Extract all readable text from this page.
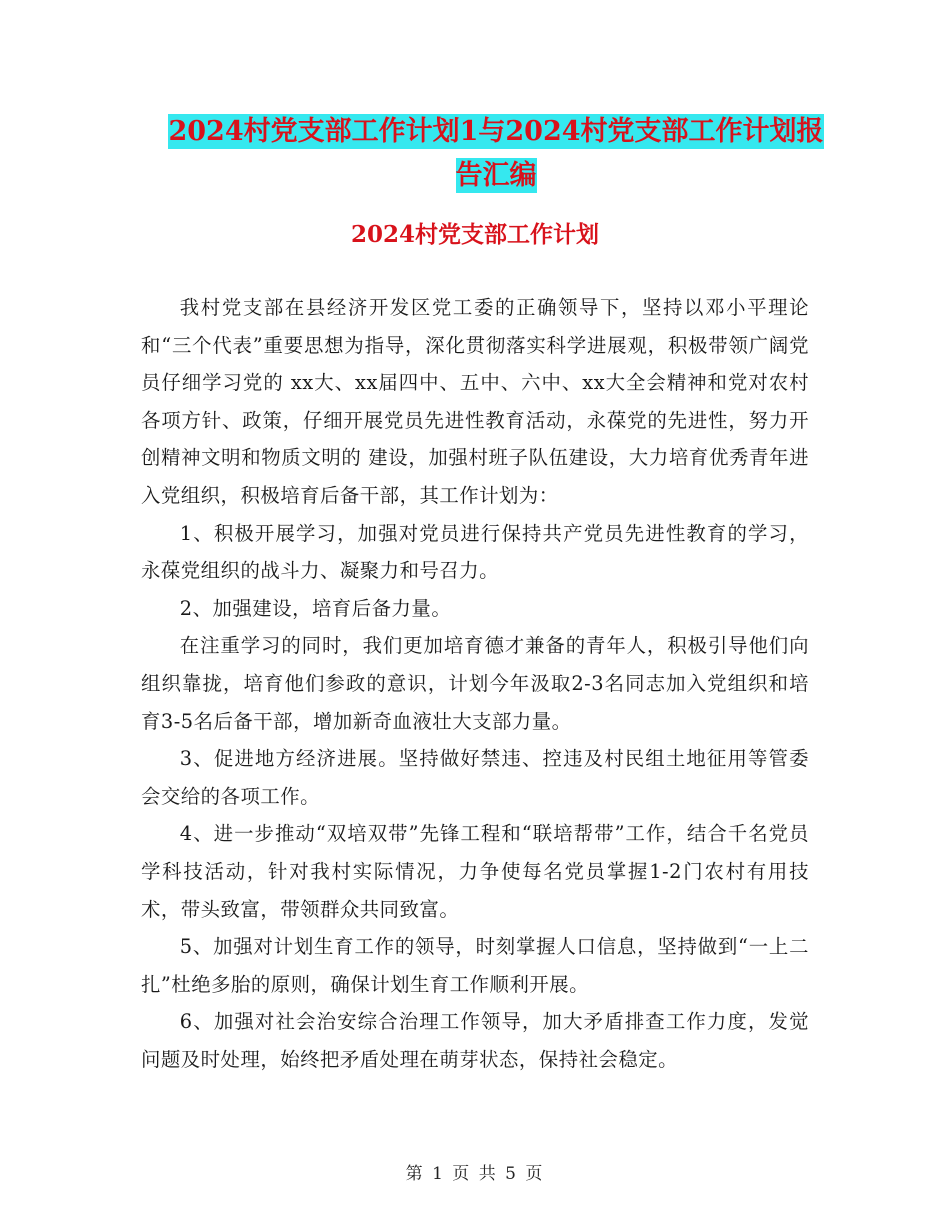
2024村党支部工作计划1与2024村党支部工作计划报
告汇编
2024村党支部工作计划

我村党支部在县经济开发区党工委的正确领导下，坚持以邓小平理论和“三个代表”重要思想为指导，深化贯彻落实科学进展观，积极带领广阔党员仔细学习党的 xx大、xx届四中、五中、六中、xx大全会精神和党对农村各项方针、政策，仔细开展党员先进性教育活动，永葆党的先进性，努力开创精神文明和物质文明的 建设，加强村班子队伍建设，大力培育优秀青年进入党组织，积极培育后备干部，其工作计划为：

1、积极开展学习，加强对党员进行保持共产党员先进性教育的学习，永葆党组织的战斗力、凝聚力和号召力。

2、加强建设，培育后备力量。

在注重学习的同时，我们更加培育德才兼备的青年人，积极引导他们向组织靠拢，培育他们参政的意识，计划今年汲取2-3名同志加入党组织和培育3-5名后备干部，增加新奇血液壮大支部力量。

3、促进地方经济进展。坚持做好禁违、控违及村民组土地征用等管委会交给的各项工作。

4、进一步推动“双培双带”先锋工程和“联培帮带”工作，结合千名党员学科技活动，针对我村实际情况，力争使每名党员掌握1-2门农村有用技术，带头致富，带领群众共同致富。

5、加强对计划生育工作的领导，时刻掌握人口信息，坚持做到“一上二扎”杜绝多胎的原则，确保计划生育工作顺利开展。

6、加强对社会治安综合治理工作领导，加大矛盾排查工作力度，发觉问题及时处理，始终把矛盾处理在萌芽状态，保持社会稳定。

第 1 页 共 5 页
